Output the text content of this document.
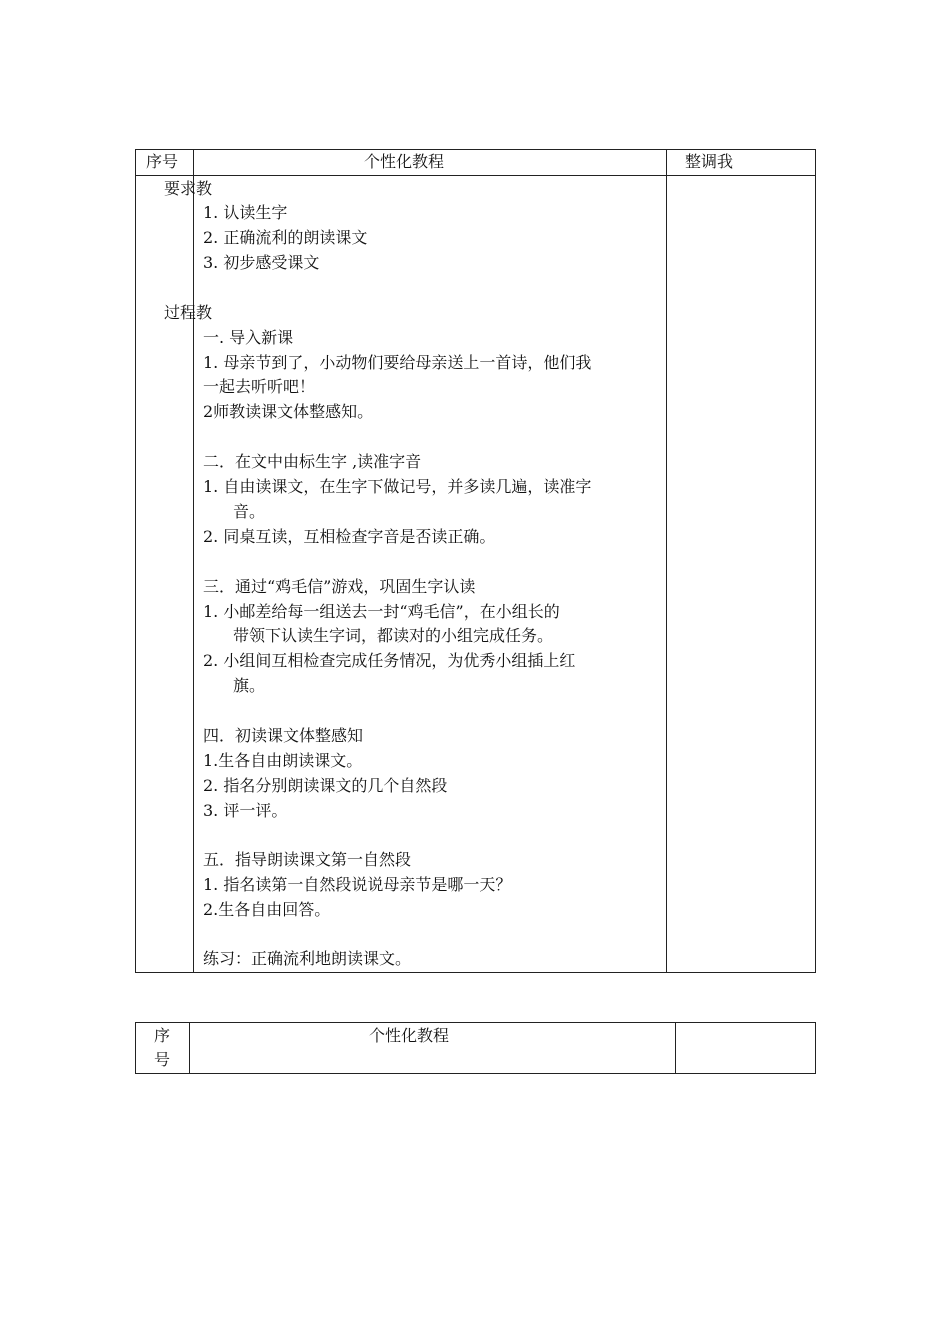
序号	个性化教程	整调我
要求教
1. 认读生字
2. 正确流利的朗读课文
3. 初步感受课文
过程教
一. 导入新课
1. 母亲节到了，小动物们要给母亲送上一首诗，他们我
一起去听听吧！
2师教读课文体整感知。
二．在文中由标生字 ,读准字音
1. 自由读课文，在生字下做记号，并多读几遍，读准字
音。
2. 同桌互读，互相检查字音是否读正确。
三．通过“鸡毛信”游戏，巩固生字认读
1. 小邮差给每一组送去一封“鸡毛信”，在小组长的
带领下认读生字词，都读对的小组完成任务。
2. 小组间互相检查完成任务情况，为优秀小组插上红
旗。
四．初读课文体整感知
1.生各自由朗读课文。
2. 指名分别朗读课文的几个自然段
3. 评一评。
五．指导朗读课文第一自然段
1. 指名读第一自然段说说母亲节是哪一天？
2.生各自由回答。
练习：正确流利地朗读课文。
序
号
个性化教程
